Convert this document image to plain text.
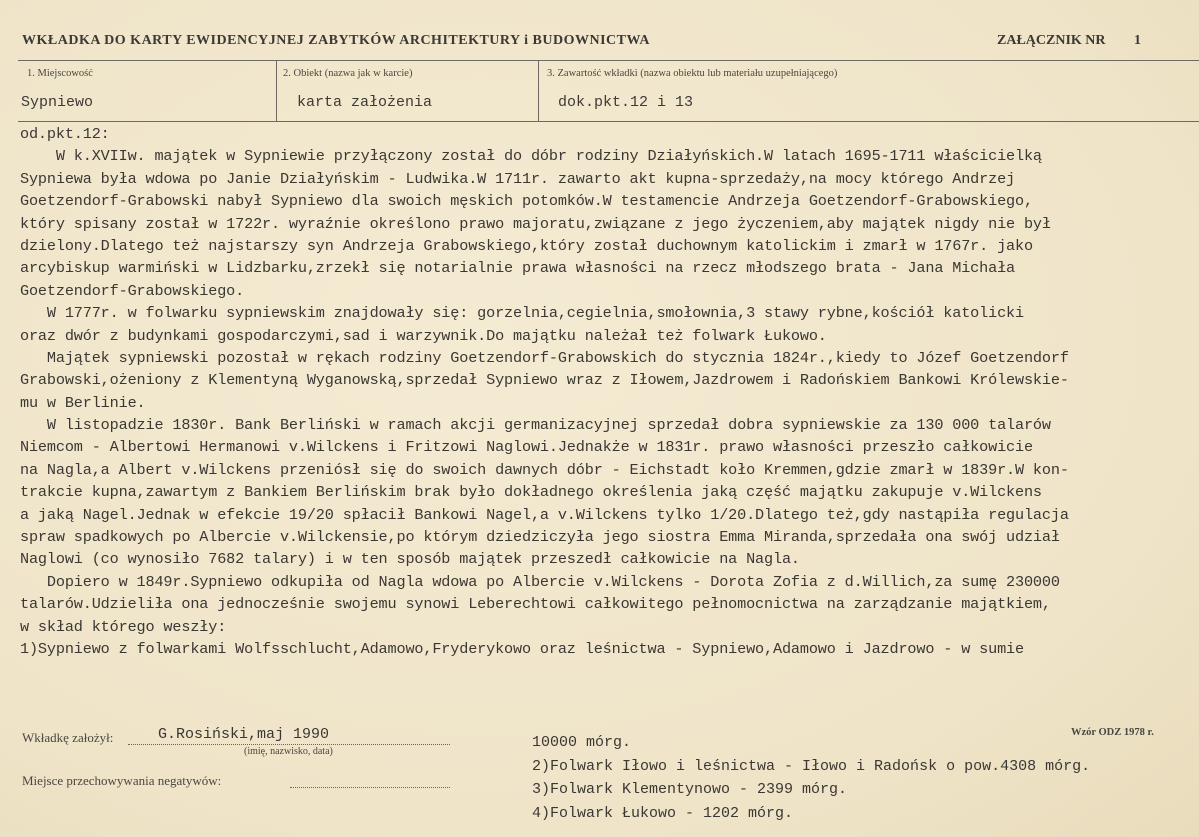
WKŁADKA DO KARTY EWIDENCYJNEJ ZABYTKÓW ARCHITEKTURY i BUDOWNICTWA	ZAŁĄCZNIK NR 1
1. Miejscowość	2. Obiekt (nazwa jak w karcie)	3. Zawartość wkładki (nazwa obiektu lub materiału uzupełniającego)
Sypniewo	karta założenia	dok.pkt.12 i 13
od.pkt.12:
W k.XVIIw. majątek w Sypniewie przyłączony został do dóbr rodziny Działyńskich.W latach 1695-1711 właścicielką
Sypniewa była wdowa po Janie Działyńskim - Ludwika.W 1711r. zawarto akt kupna-sprzedaży,na mocy którego Andrzej
Goetzendorf-Grabowski nabył Sypniewo dla swoich męskich potomków.W testamencie Andrzeja Goetzendorf-Grabowskiego,
który spisany został w 1722r. wyraźnie określono prawo majoratu,związane z jego życzeniem,aby majątek nigdy nie był
dzielony.Dlatego też najstarszy syn Andrzeja Grabowskiego,który został duchownym katolickim i zmarł w 1767r. jako
arcybiskup warmiński w Lidzbarku,zrzekł się notarialnie prawa własności na rzecz młodszego brata - Jana Michała
Goetzendorf-Grabowskiego.
W 1777r. w folwarku sypniewskim znajdowały się: gorzelnia,cegielnia,smołownia,3 stawy rybne,kościół katolicki
oraz dwór z budynkami gospodarczymi,sad i warzywnik.Do majątku należał też folwark Łukowo.
Majątek sypniewski pozostał w rękach rodziny Goetzendorf-Grabowskich do stycznia 1824r.,kiedy to Józef Goetzendorf
Grabowski,ożeniony z Klementyną Wyganowską,sprzedał Sypniewo wraz z Iłowem,Jazdrowem i Radońskiem Bankowi Królewskie-
mu w Berlinie.
W listopadzie 1830r. Bank Berliński w ramach akcji germanizacyjnej sprzedał dobra sypniewskie za 130 000 talarów
Niemcom - Albertowi Hermanowi v.Wilckens i Fritzowi Naglowi.Jednakże w 1831r. prawo własności przeszło całkowicie
na Nagla,a Albert v.Wilckens przeniósł się do swoich dawnych dóbr - Eichstadt koło Kremmen,gdzie zmarł w 1839r.W kon-
trakcie kupna,zawartym z Bankiem Berlińskim brak było dokładnego określenia jaką część majątku zakupuje v.Wilckens
a jaką Nagel.Jednak w efekcie 19/20 spłacił Bankowi Nagel,a v.Wilckens tylko 1/20.Dlatego też,gdy nastąpiła regulacja
spraw spadkowych po Albercie v.Wilckensie,po którym dziedziczyła jego siostra Emma Miranda,sprzedała ona swój udział
Naglowi (co wynosiło 7682 talary) i w ten sposób majątek przeszedł całkowicie na Nagla.
Dopiero w 1849r.Sypniewo odkupiła od Nagla wdowa po Albercie v.Wilckens - Dorota Zofia z d.Willich,za sumę 230000
talarów.Udzieliła ona jednocześnie swojemu synowi Leberechtowi całkowitego pełnomocnictwa na zarządzanie majątkiem,
w skład którego weszły:
1)Sypniewo z folwarkami Wolfsschlucht,Adamowo,Fryderykowo oraz leśnictwa - Sypniewo,Adamowo i Jazdrowo - w sumie
10000 mórg.
2)Folwark Iłowo i leśnictwa - Iłowo i Radońsk o pow.4308 mórg.
3)Folwark Klementynowo - 2399 mórg.
4)Folwark Łukowo - 1202 mórg.
Wkładkę założył:	G.Rosiński,maj 1990
(imię, nazwisko, data)
Miejsce przechowywania negatywów:
Wzór ODZ 1978 r.
